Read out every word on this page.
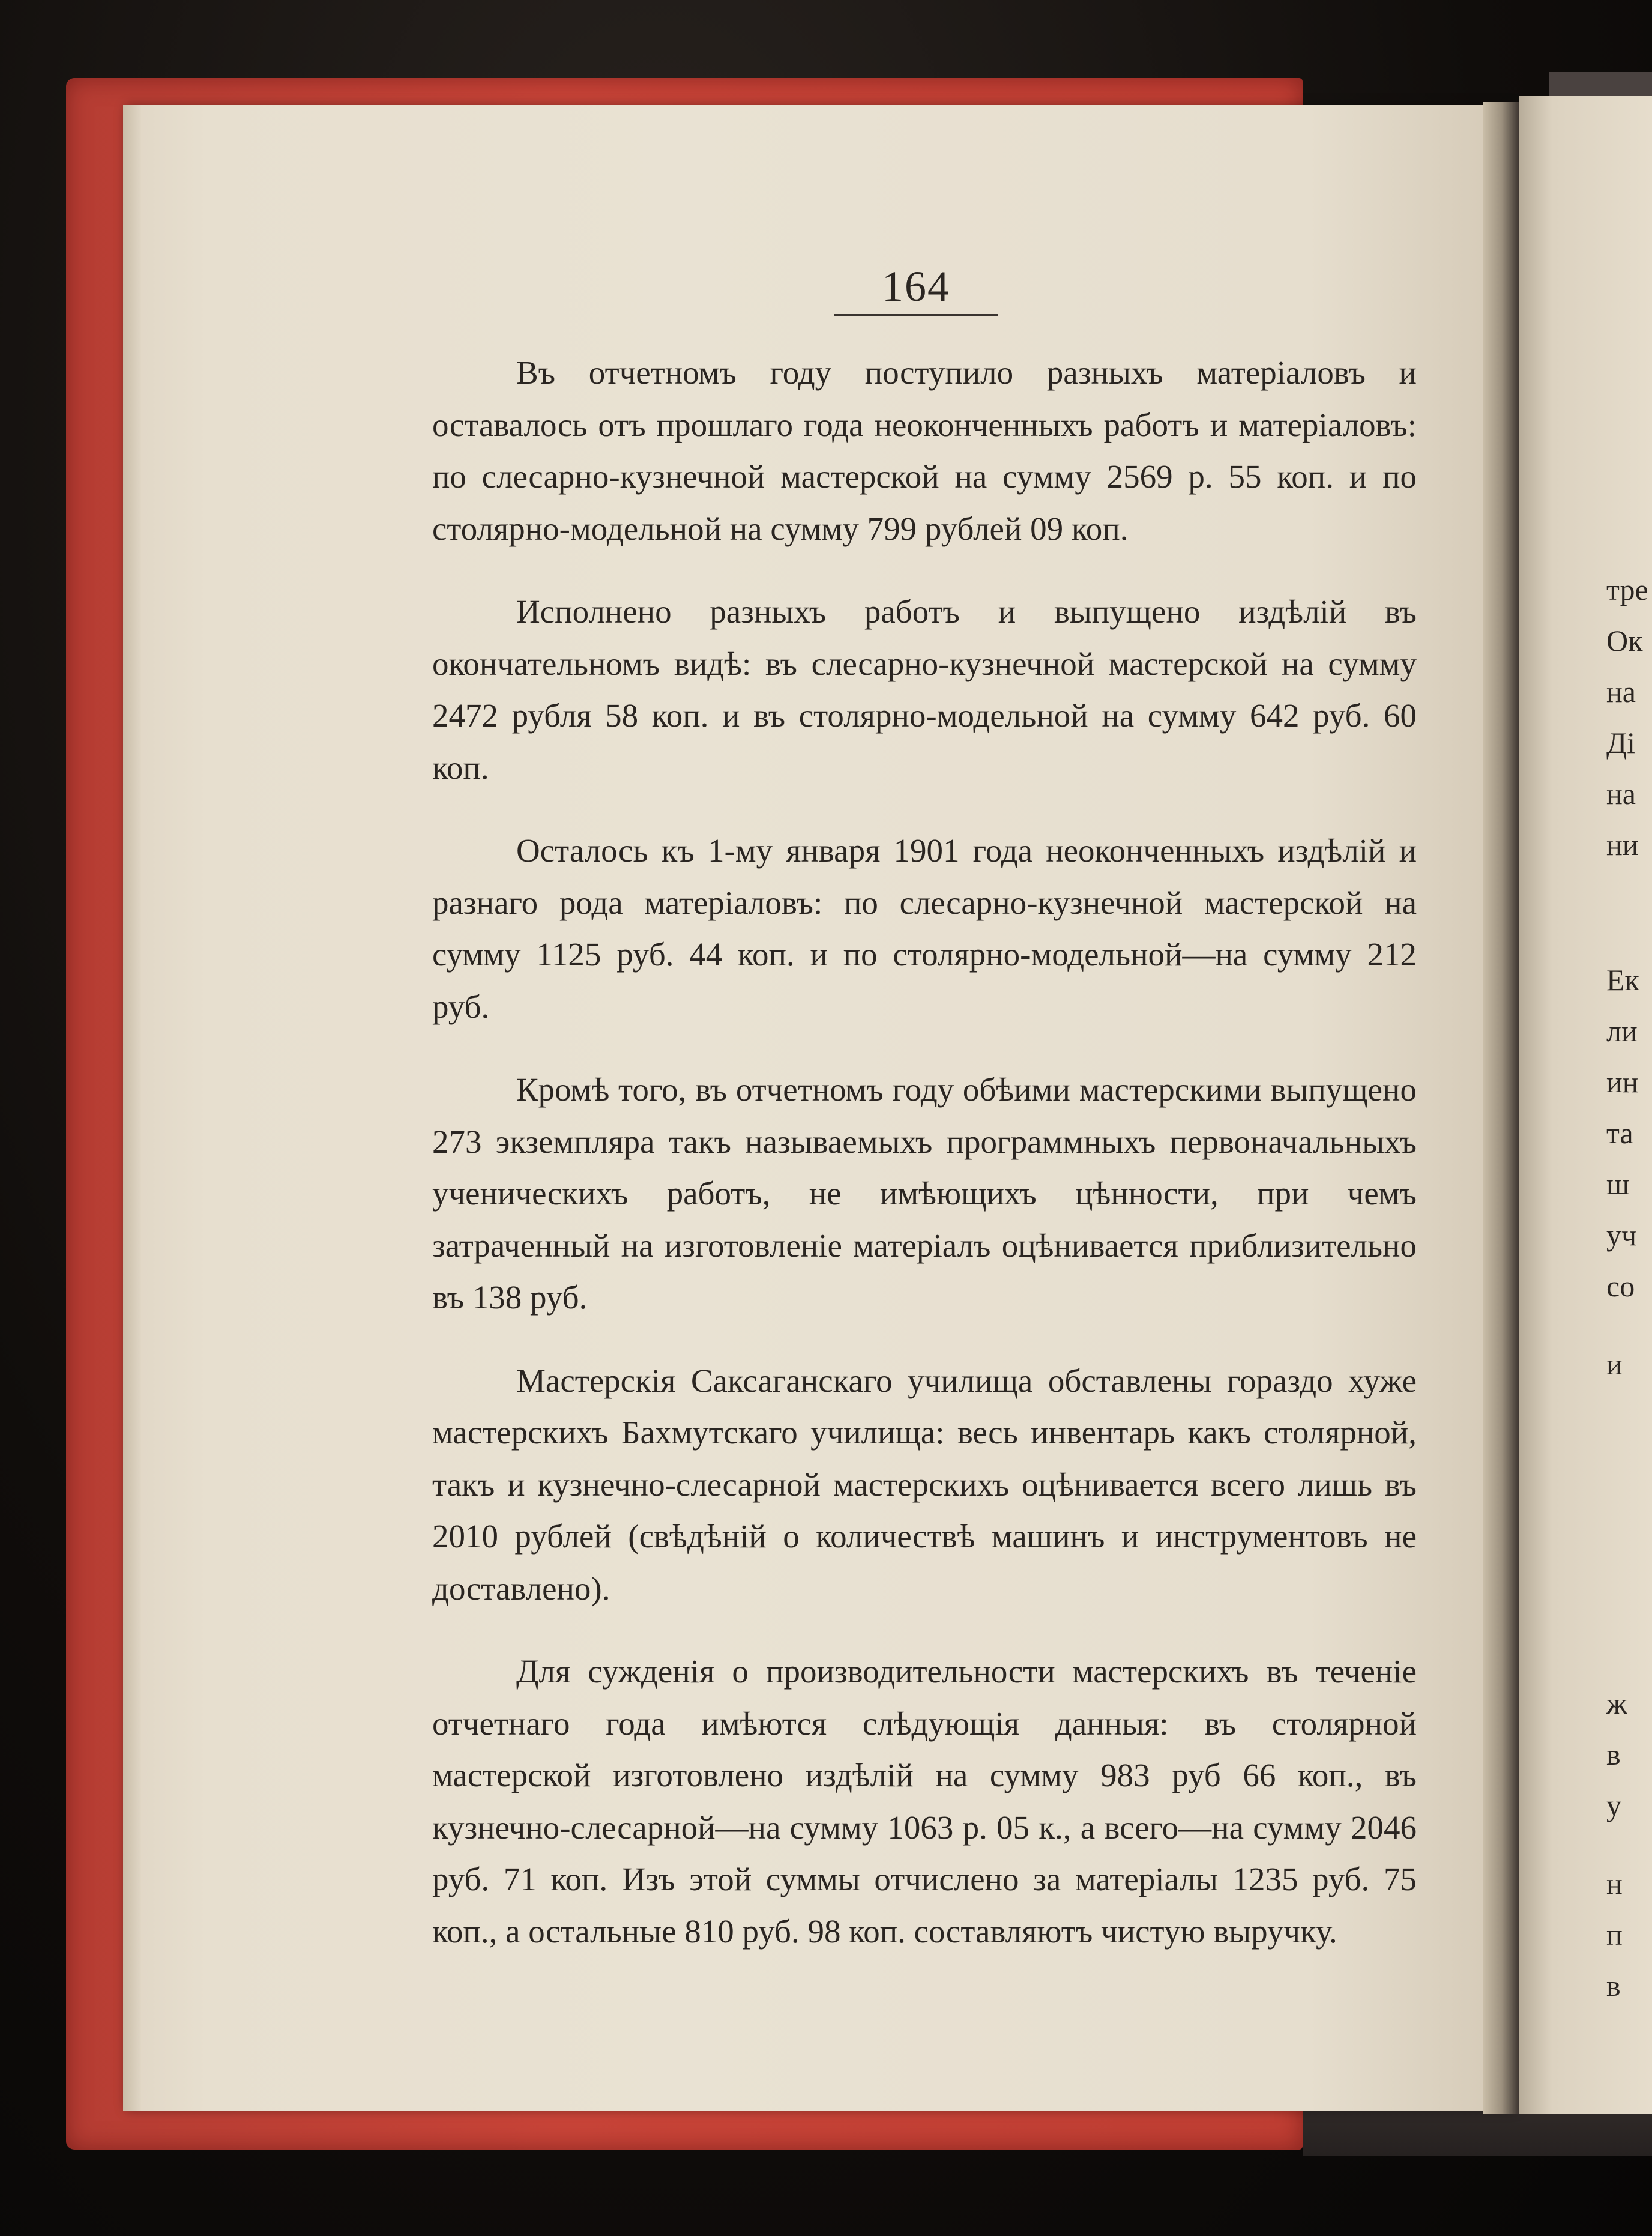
164

Въ отчетномъ году поступило разныхъ матеріаловъ и оставалось отъ прошлаго года неоконченныхъ работъ и матеріаловъ: по слесарно-кузнечной мастерской на сумму 2569 р. 55 коп. и по столярно-модельной на сумму 799 рублей 09 коп.

Исполнено разныхъ работъ и выпущено издѣлій въ окончательномъ видѣ: въ слесарно-кузнечной мастерской на сумму 2472 рубля 58 коп. и въ столярно-модельной на сумму 642 руб. 60 коп.

Осталось къ 1-му января 1901 года неоконченныхъ издѣлій и разнаго рода матеріаловъ: по слесарно-кузнечной мастерской на сумму 1125 руб. 44 коп. и по столярно-модельной—на сумму 212 руб.

Кромѣ того, въ отчетномъ году обѣими мастерскими выпущено 273 экземпляра такъ называемыхъ программныхъ первоначальныхъ ученическихъ работъ, не имѣющихъ цѣнности, при чемъ затраченный на изготовленіе матеріалъ оцѣнивается приблизительно въ 138 руб.

Мастерскія Саксаганскаго училища обставлены гораздо хуже мастерскихъ Бахмутскаго училища: весь инвентарь какъ столярной, такъ и кузнечно-слесарной мастерскихъ оцѣнивается всего лишь въ 2010 рублей (свѣдѣній о количествѣ машинъ и инструментовъ не доставлено).

Для сужденія о производительности мастерскихъ въ теченіе отчетнаго года имѣются слѣдующія данныя: въ столярной мастерской изготовлено издѣлій на сумму 983 руб 66 коп., въ кузнечно-слесарной—на сумму 1063 р. 05 к., а всего—на сумму 2046 руб. 71 коп. Изъ этой суммы отчислено за матеріалы 1235 руб. 75 коп., а остальные 810 руб. 98 коп. составляютъ чистую выручку.

тре
Ок
на
Ді
на
ни
Ек
ли
ин
та
ш
уч
со
и
ж
в
у
н
п
в
